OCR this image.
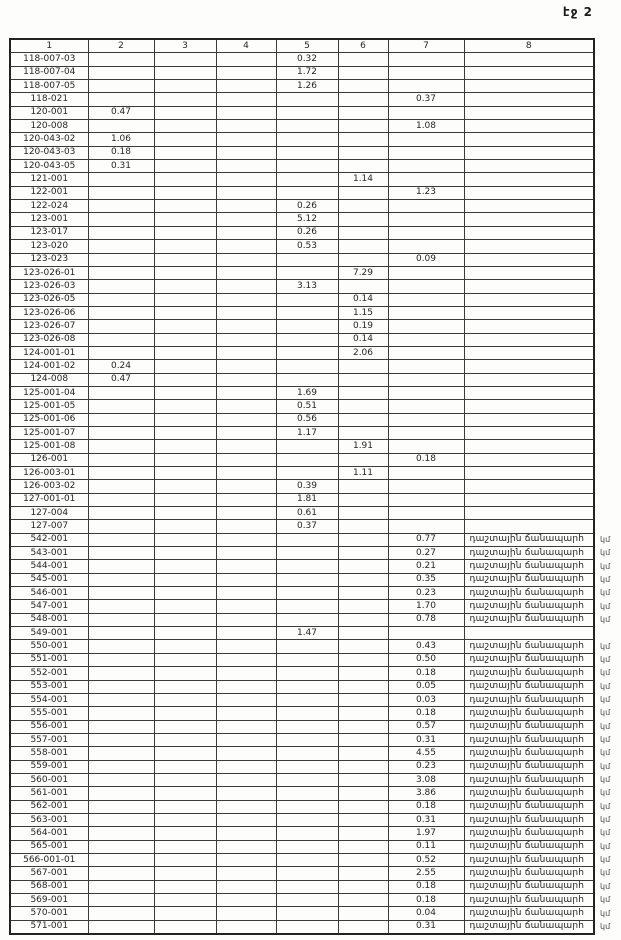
էջ 2
1	2	3	4	5	6	7	8	
118-007-03				0.32				
118-007-04				1.72				
118-007-05				1.26				
118-021						0.37		
120-001	0.47							
120-008						1.08		
120-043-02	1.06							
120-043-03	0.18							
120-043-05	0.31							
121-001					1.14			
122-001						1.23		
122-024				0.26				
123-001				5.12				
123-017				0.26				
123-020				0.53				
123-023						0.09		
123-026-01					7.29			
123-026-03				3.13				
123-026-05					0.14			
123-026-06					1.15			
123-026-07					0.19			
123-026-08					0.14			
124-001-01					2.06			
124-001-02	0.24							
124-008	0.47							
125-001-04				1.69				
125-001-05				0.51				
125-001-06				0.56				
125-001-07				1.17				
125-001-08					1.91			
126-001						0.18		
126-003-01					1.11			
126-003-02				0.39				
127-001-01				1.81				
127-004				0.61				
127-007				0.37				
542-001						0.77	դաշտային ճանապարհ	կմ
543-001						0.27	դաշտային ճանապարհ	կմ
544-001						0.21	դաշտային ճանապարհ	կմ
545-001						0.35	դաշտային ճանապարհ	կմ
546-001						0.23	դաշտային ճանապարհ	կմ
547-001						1.70	դաշտային ճանապարհ	կմ
548-001						0.78	դաշտային ճանապարհ	կմ
549-001				1.47				
550-001						0.43	դաշտային ճանապարհ	կմ
551-001						0.50	դաշտային ճանապարհ	կմ
552-001						0.18	դաշտային ճանապարհ	կմ
553-001						0.05	դաշտային ճանապարհ	կմ
554-001						0.03	դաշտային ճանապարհ	կմ
555-001						0.18	դաշտային ճանապարհ	կմ
556-001						0.57	դաշտային ճանապարհ	կմ
557-001						0.31	դաշտային ճանապարհ	կմ
558-001						4.55	դաշտային ճանապարհ	կմ
559-001						0.23	դաշտային ճանապարհ	կմ
560-001						3.08	դաշտային ճանապարհ	կմ
561-001						3.86	դաշտային ճանապարհ	կմ
562-001						0.18	դաշտային ճանապարհ	կմ
563-001						0.31	դաշտային ճանապարհ	կմ
564-001						1.97	դաշտային ճանապարհ	կմ
565-001						0.11	դաշտային ճանապարհ	կմ
566-001-01						0.52	դաշտային ճանապարհ	կմ
567-001						2.55	դաշտային ճանապարհ	կմ
568-001						0.18	դաշտային ճանապարհ	կմ
569-001						0.18	դաշտային ճանապարհ	կմ
570-001						0.04	դաշտային ճանապարհ	կմ
571-001						0.31	դաշտային ճանապարհ	կմ
